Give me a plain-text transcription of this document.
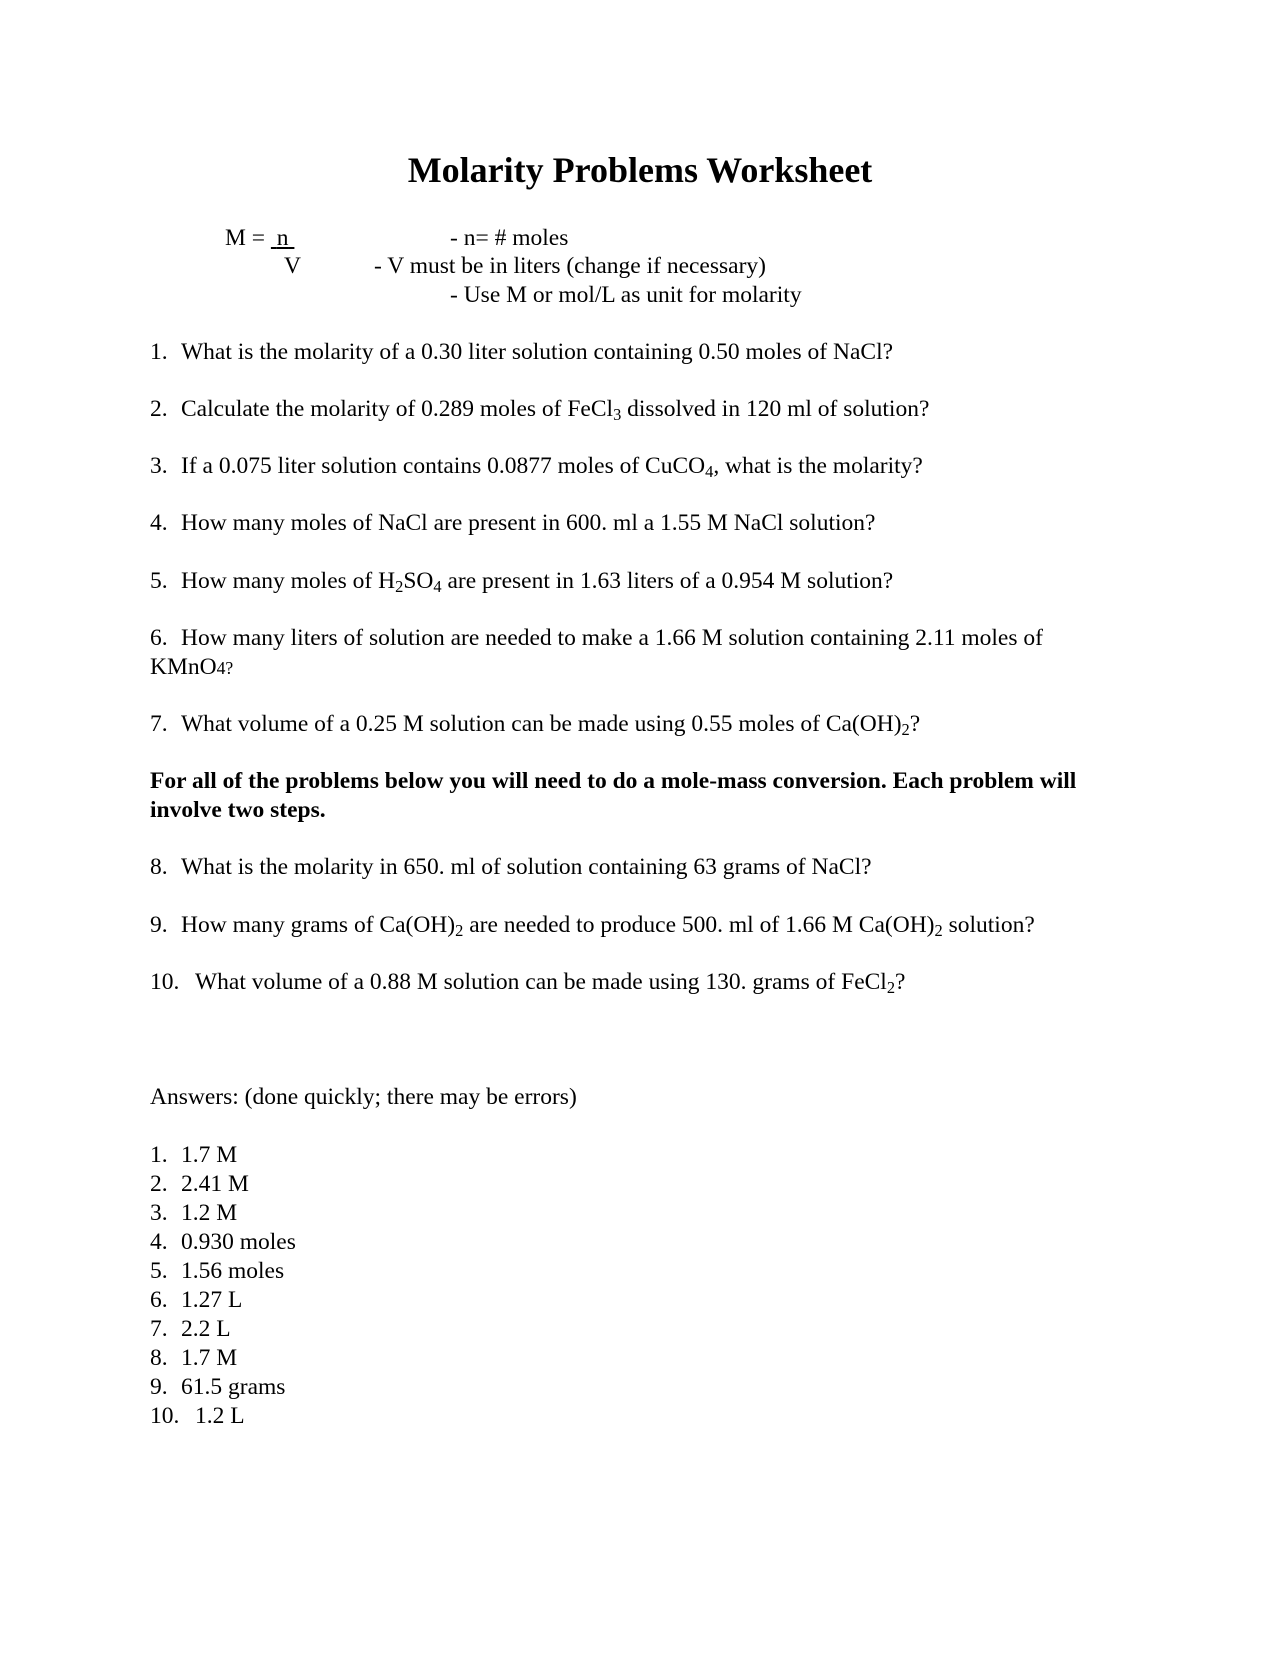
Molarity Problems Worksheet
M =  n
V
- n= # moles
- V must be in liters (change if necessary)
- Use M or mol/L as unit for molarity
1. What is the molarity of a 0.30 liter solution containing 0.50 moles of NaCl?
2. Calculate the molarity of 0.289 moles of FeCl$_3$ dissolved in 120 ml of solution?
3. If a 0.075 liter solution contains 0.0877 moles of CuCO$_4$, what is the molarity?
4. How many moles of NaCl are present in 600. ml a 1.55 M NaCl solution?
5. How many moles of $H_2SO_4$ are present in 1.63 liters of a 0.954 M solution?
6. How many liters of solution are needed to make a 1.66 M solution containing 2.11 moles of
KMnO4?
7. What volume of a 0.25 M solution can be made using 0.55 moles of $Ca(OH)_2$?
For all of the problems below you will need to do a mole-mass conversion. Each problem will involve two steps.
8. What is the molarity in 650. ml of solution containing 63 grams of NaCl?
9. How many grams of $Ca(OH)_2$ are needed to produce 500. ml of 1.66 M $Ca(OH)_2$ solution?
10. What volume of a 0.88 M solution can be made using 130. grams of FeCl$_2$?
Answers: (done quickly; there may be errors)
1. 1.7 M
2. 2.41 M
3. 1.2 M
4. 0.930 moles
5. 1.56 moles
6. 1.27 L
7. 2.2 L
8. 1.7 M
9. 61.5 grams
10. 1.2 L
